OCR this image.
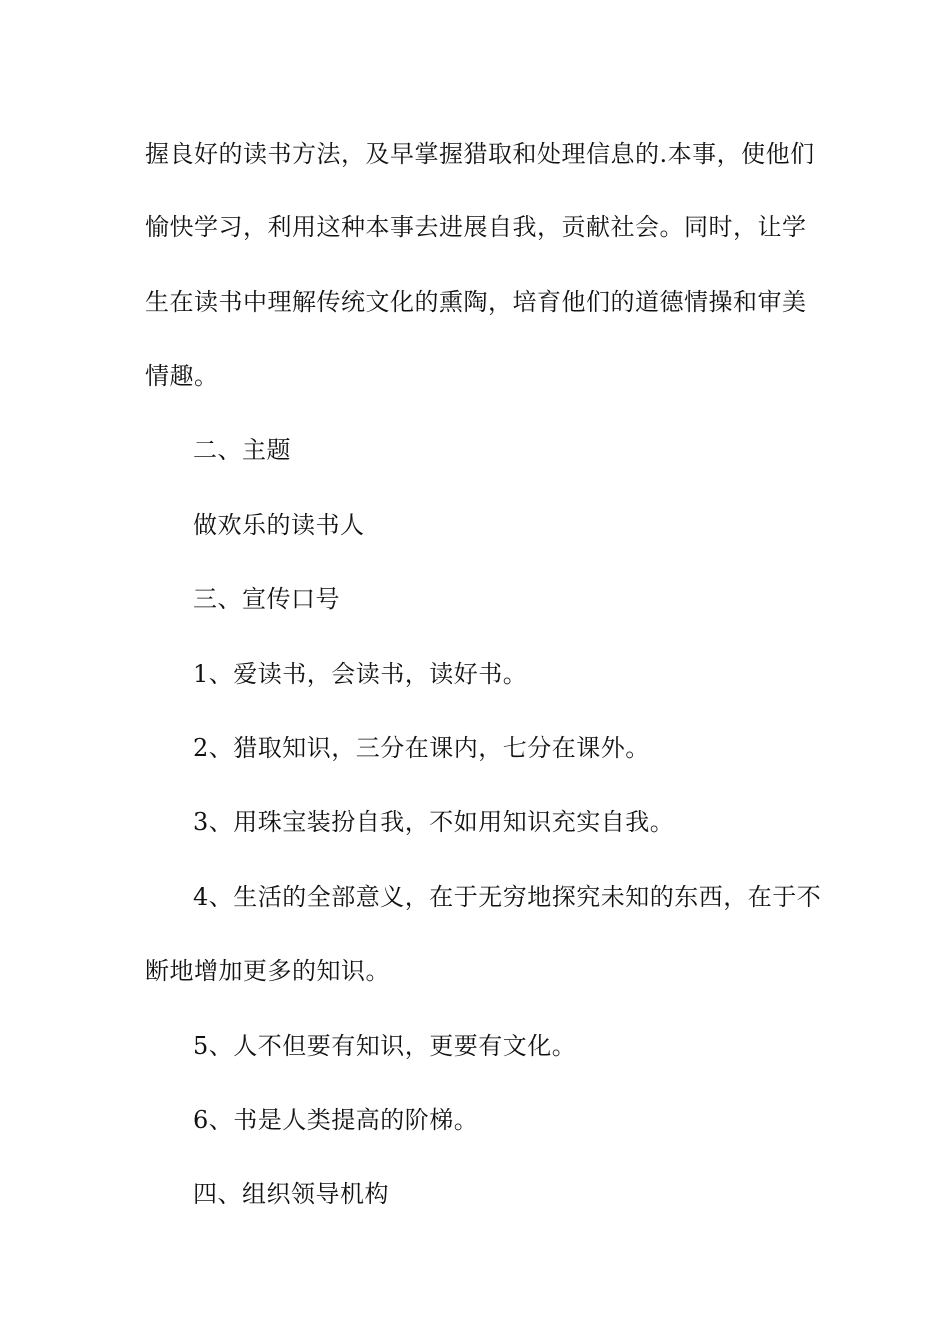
握良好的读书方法，及早掌握猎取和处理信息的.本事，使他们
愉快学习，利用这种本事去进展自我，贡献社会。同时，让学
生在读书中理解传统文化的熏陶，培育他们的道德情操和审美
情趣。
二、主题
做欢乐的读书人
三、宣传口号
1、爱读书，会读书，读好书。
2、猎取知识，三分在课内，七分在课外。
3、用珠宝装扮自我，不如用知识充实自我。
4、生活的全部意义，在于无穷地探究未知的东西，在于不
断地增加更多的知识。
5、人不但要有知识，更要有文化。
6、书是人类提高的阶梯。
四、组织领导机构
